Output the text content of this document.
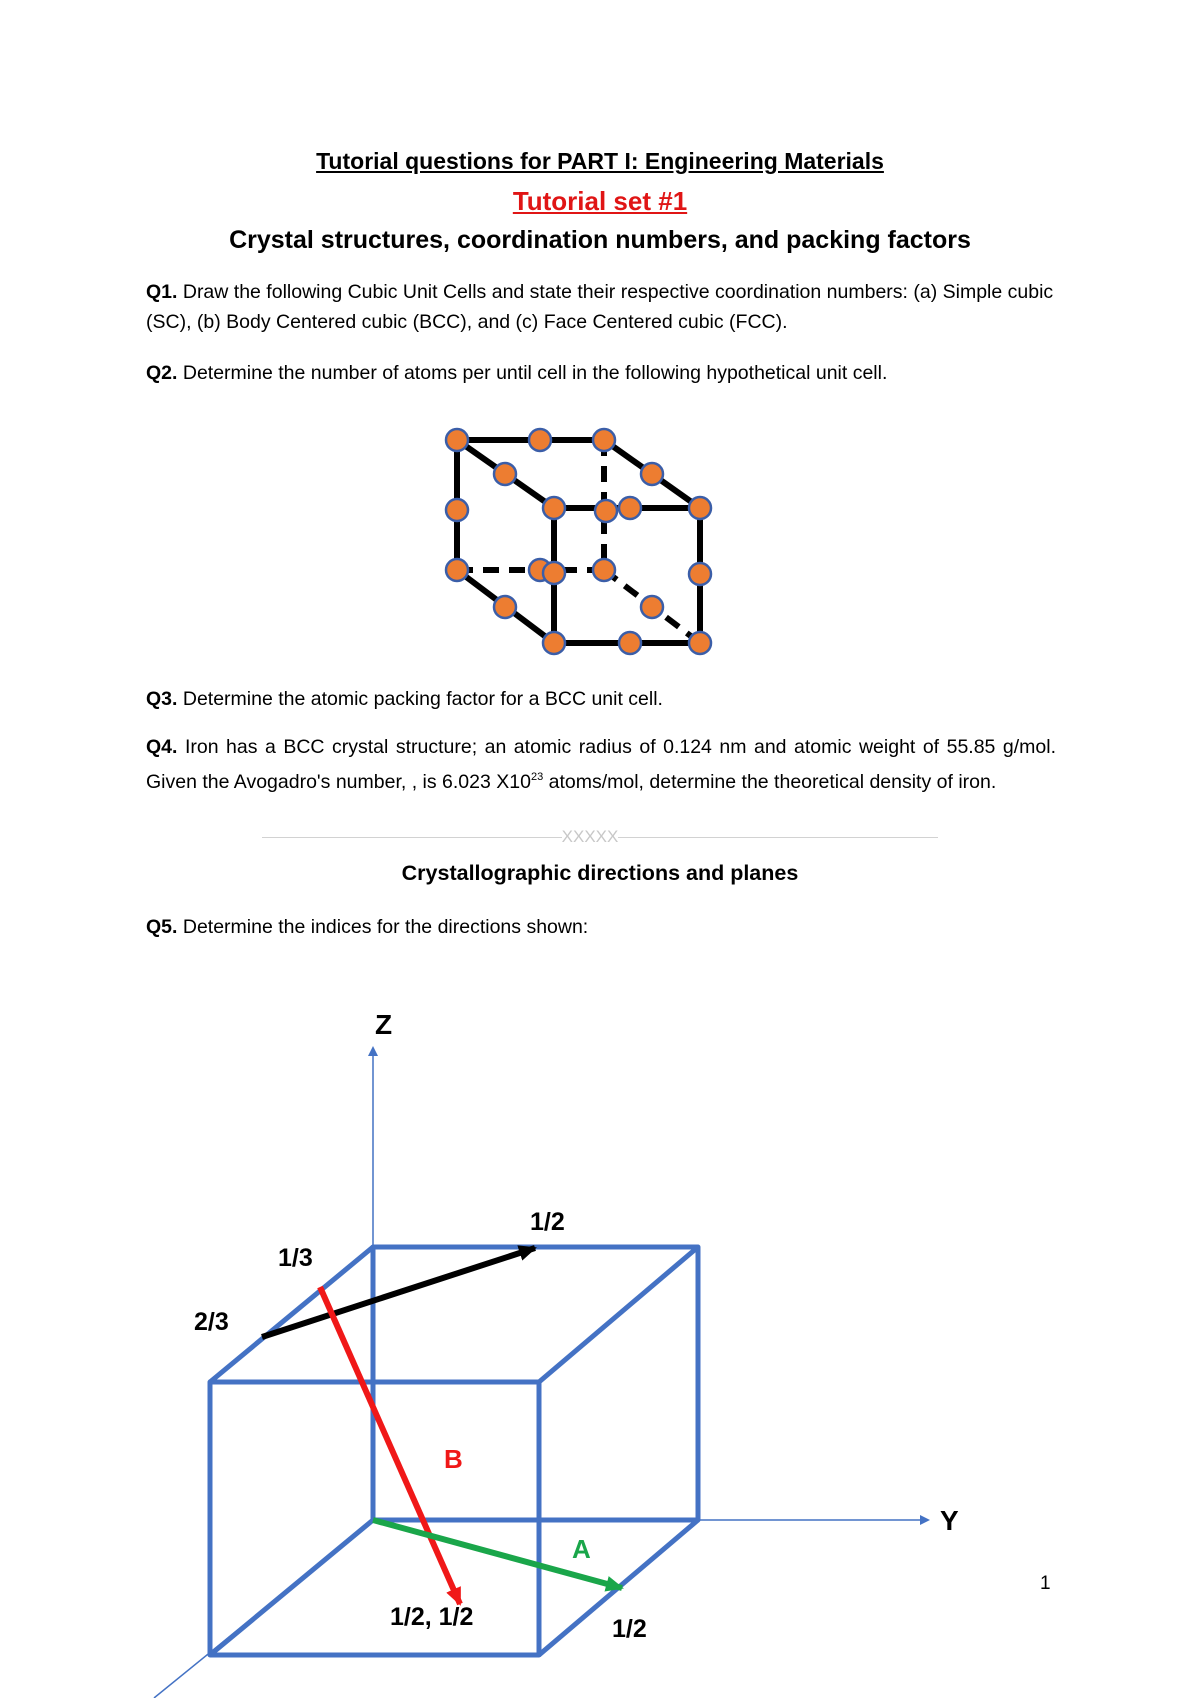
Tutorial questions for PART I: Engineering Materials
Tutorial set #1
Crystal structures, coordination numbers, and packing factors
Q1. Draw the following Cubic Unit Cells and state their respective coordination numbers: (a) Simple cubic (SC), (b) Body Centered cubic (BCC), and (c) Face Centered cubic (FCC).
Q2. Determine the number of atoms per until cell in the following hypothetical unit cell.
Q3. Determine the atomic packing factor for a BCC unit cell.
Q4. Iron has a BCC crystal structure; an atomic radius of 0.124 nm and atomic weight of 55.85 g/mol. Given the Avogadro's number, , is 6.023 $X10^{23}$ atoms/mol, determine the theoretical density of iron.
XXXXX
Crystallographic directions and planes
Q5. Determine the indices for the directions shown:
Z
Y
1/3
2/3
1/2
B
A
1/2, 1/2	1/2
1
